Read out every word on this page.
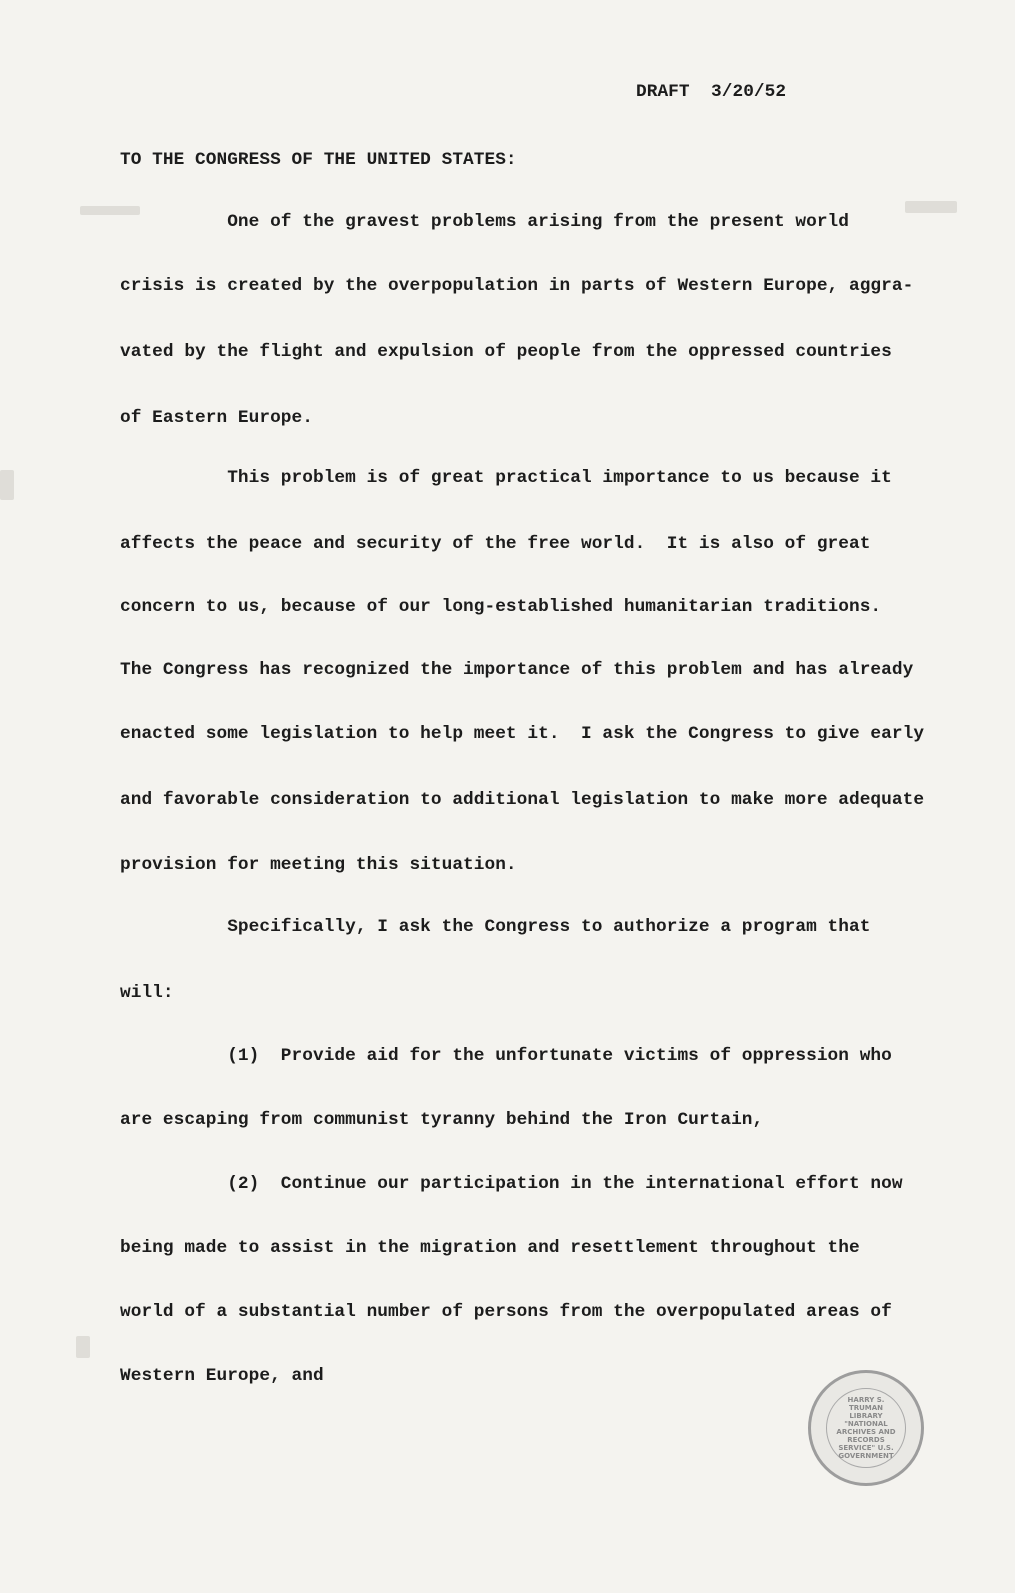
DRAFT  3/20/52

TO THE CONGRESS OF THE UNITED STATES:

One of the gravest problems arising from the present world

crisis is created by the overpopulation in parts of Western Europe, aggra-

vated by the flight and expulsion of people from the oppressed countries

of Eastern Europe.

This problem is of great practical importance to us because it

affects the peace and security of the free world.  It is also of great

concern to us, because of our long-established humanitarian traditions.

The Congress has recognized the importance of this problem and has already

enacted some legislation to help meet it.  I ask the Congress to give early

and favorable consideration to additional legislation to make more adequate

provision for meeting this situation.

Specifically, I ask the Congress to authorize a program that

will:

(1)  Provide aid for the unfortunate victims of oppression who

are escaping from communist tyranny behind the Iron Curtain,

(2)  Continue our participation in the international effort now

being made to assist in the migration and resettlement throughout the

world of a substantial number of persons from the overpopulated areas of

Western Europe, and

HARRY S. TRUMAN LIBRARY "NATIONAL ARCHIVES AND RECORDS SERVICE" U.S. GOVERNMENT
